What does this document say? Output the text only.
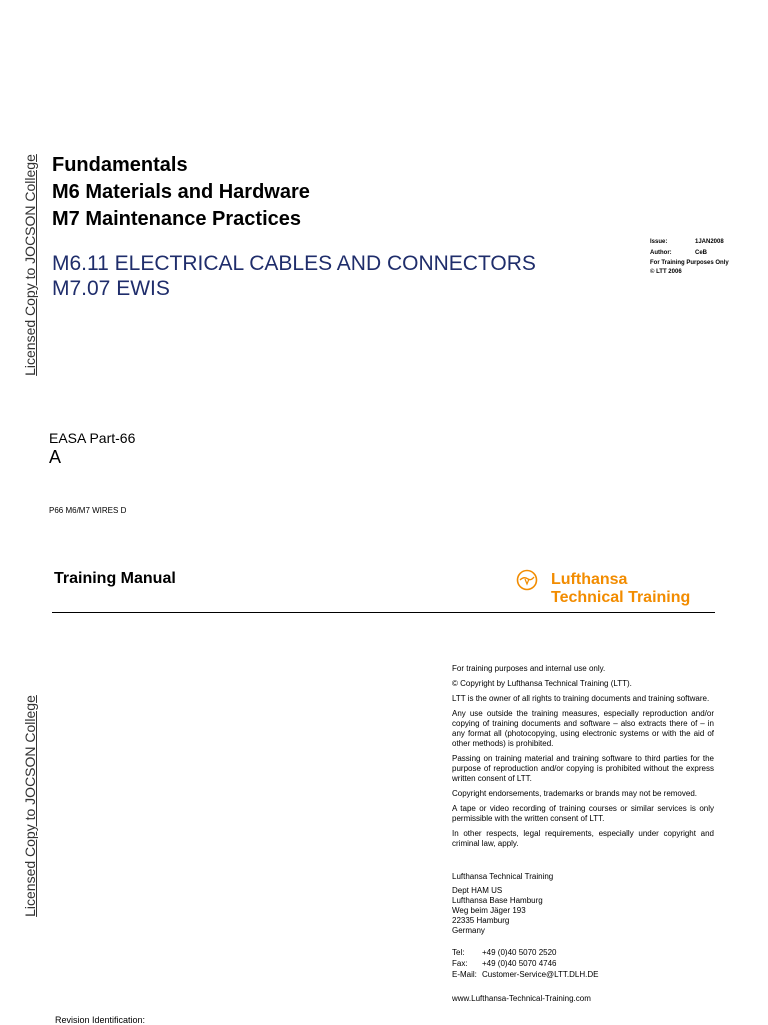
Licensed Copy to JOCSON College
Licensed Copy to JOCSON College
Fundamentals
M6 Materials and Hardware
M7 Maintenance Practices
M6.11 ELECTRICAL CABLES AND CONNECTORS
M7.07 EWIS
Issue:	1JAN2008
Author:	CeB
For Training Purposes Only
© LTT 2006
EASA Part-66
A
P66 M6/M7 WIRES D
Training Manual	Lufthansa
Technical Training

For training purposes and internal use only.

© Copyright by Lufthansa Technical Training (LTT).

LTT is the owner of all rights to training documents and training software.

Any use outside the training measures, especially reproduction and/or copying of training documents and software – also extracts there of – in any format all (photocopying, using electronic systems or with the aid of other methods) is prohibited.

Passing on training material and training software to third parties for the purpose of reproduction and/or copying is prohibited without the express written consent of LTT.

Copyright endorsements, trademarks or brands may not be removed.

A tape or video recording of training courses or similar services is only permissible with the written consent of LTT.

In other respects, legal requirements, especially under copyright and criminal law, apply.

Lufthansa Technical Training
Dept HAM US
Lufthansa Base Hamburg
Weg beim Jäger 193
22335 Hamburg
Germany
Tel: +49 (0)40 5070 2520
Fax: +49 (0)40 5070 4746
E-Mail: Customer-Service@LTT.DLH.DE
www.Lufthansa-Technical-Training.com
Revision Identification:
